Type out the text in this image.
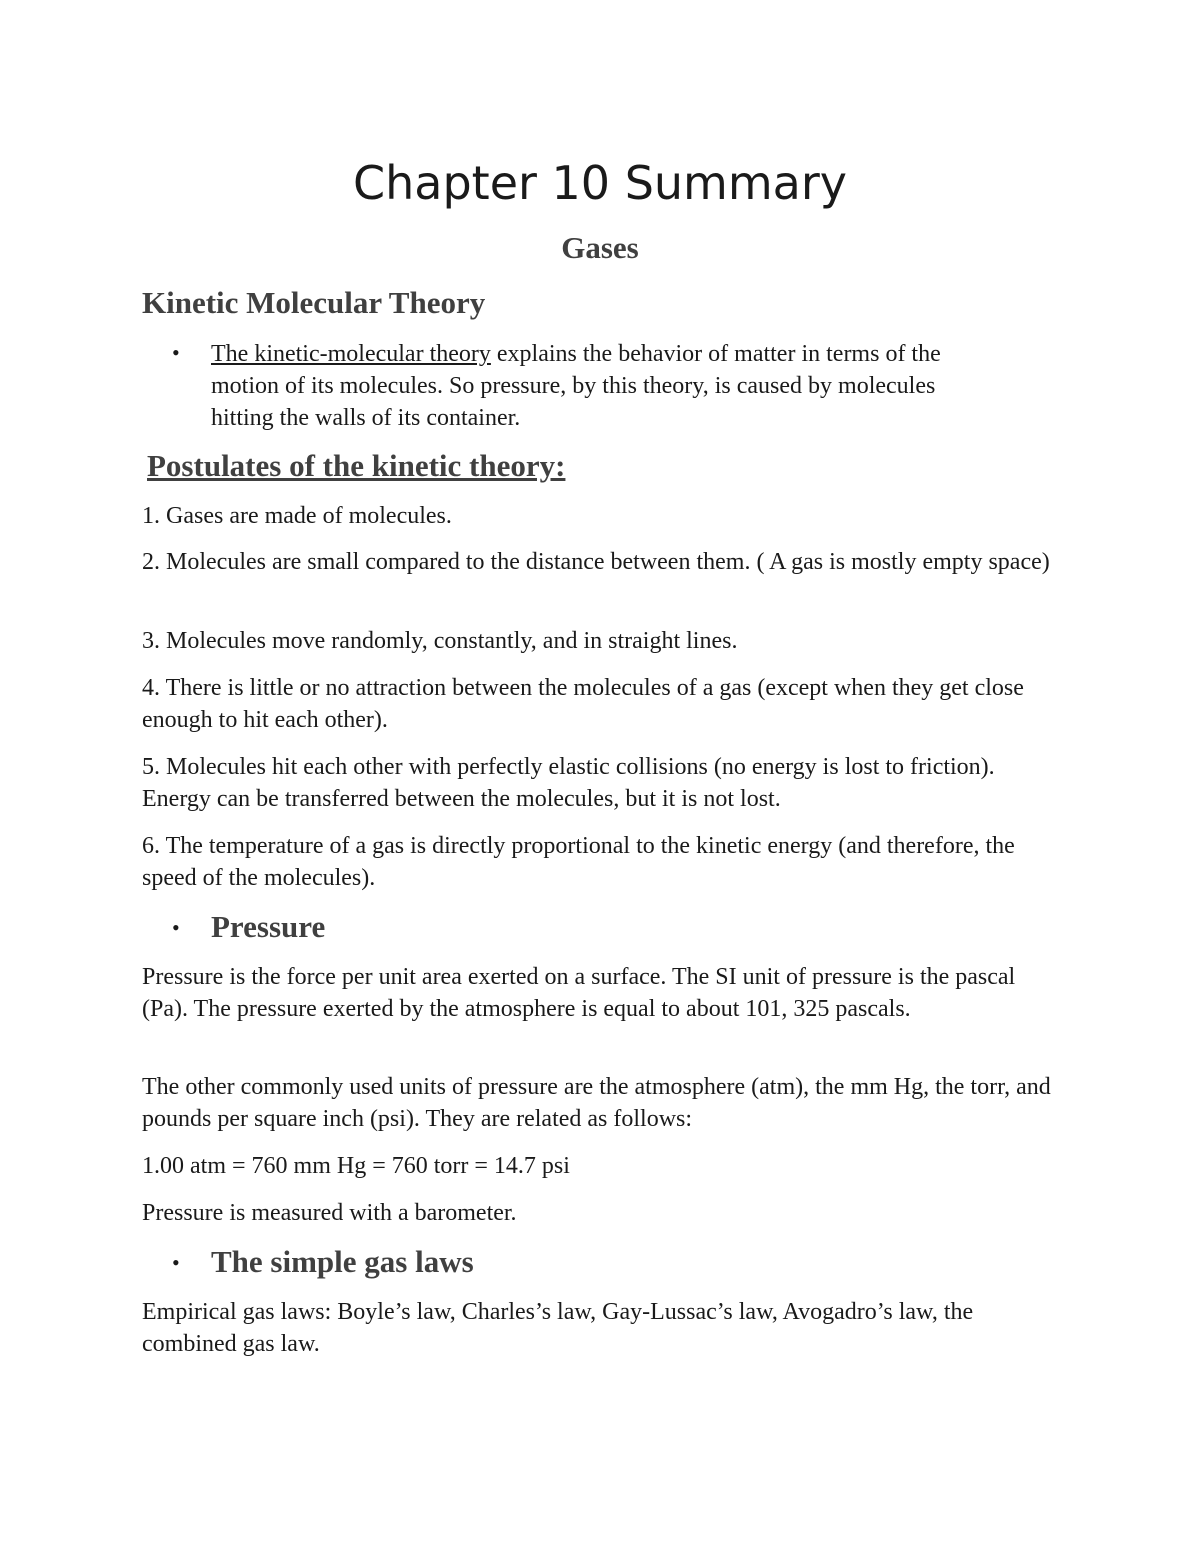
Chapter 10 Summary
Gases
Kinetic Molecular Theory
• The kinetic-molecular theory explains the behavior of matter in terms of the
motion of its molecules. So pressure, by this theory, is caused by molecules
hitting the walls of its container.
Postulates of the kinetic theory:

1. Gases are made of molecules.

2. Molecules are small compared to the distance between them. ( A gas is mostly empty space)

3. Molecules move randomly, constantly, and in straight lines.

4. There is little or no attraction between the molecules of a gas (except when they get close enough to hit each other).

5. Molecules hit each other with perfectly elastic collisions (no energy is lost to friction). Energy can be transferred between the molecules, but it is not lost.

6. The temperature of a gas is directly proportional to the kinetic energy (and therefore, the speed of the molecules).

• Pressure

Pressure is the force per unit area exerted on a surface. The SI unit of pressure is the pascal (Pa). The pressure exerted by the atmosphere is equal to about 101, 325 pascals.

The other commonly used units of pressure are the atmosphere (atm), the mm Hg, the torr, and pounds per square inch (psi). They are related as follows:

1.00 atm = 760 mm Hg = 760 torr = 14.7 psi

Pressure is measured with a barometer.

• The simple gas laws

Empirical gas laws: Boyle’s law, Charles’s law, Gay-Lussac’s law, Avogadro’s law, the combined gas law.
